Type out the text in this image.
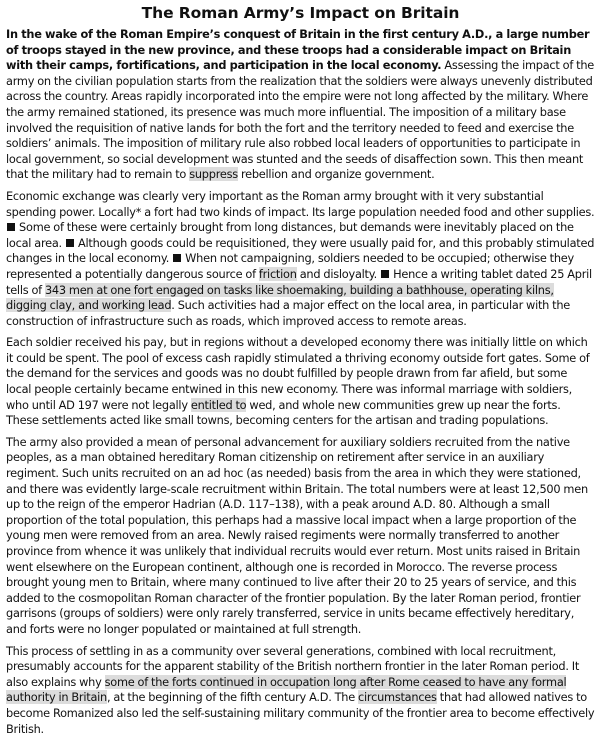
The Roman Army’s Impact on Britain

In the wake of the Roman Empire’s conquest of Britain in the first century A.D., a large number of troops stayed in the new province, and these troops had a considerable impact on Britain with their camps, fortifications, and participation in the local economy. Assessing the impact of the army on the civilian population starts from the realization that the soldiers were always unevenly distributed across the country. Areas rapidly incorporated into the empire were not long affected by the military. Where the army remained stationed, its presence was much more influential. The imposition of a military base involved the requisition of native lands for both the fort and the territory needed to feed and exercise the soldiers’ animals. The imposition of military rule also robbed local leaders of opportunities to participate in local government, so social development was stunted and the seeds of disaffection sown. This then meant that the military had to remain to suppress rebellion and organize government.

Economic exchange was clearly very important as the Roman army brought with it very substantial spending power. Locally* a fort had two kinds of impact. Its large population needed food and other supplies.  Some of these were certainly brought from long distances, but demands were inevitably placed on the local area.  Although goods could be requisitioned, they were usually paid for, and this probably stimulated changes in the local economy.  When not campaigning, soldiers needed to be occupied; otherwise they represented a potentially dangerous source of friction and disloyalty.  Hence a writing tablet dated 25 April tells of 343 men at one fort engaged on tasks like shoemaking, building a bathhouse, operating kilns, digging clay, and working lead. Such activities had a major effect on the local area, in particular with the construction of infrastructure such as roads, which improved access to remote areas.

Each soldier received his pay, but in regions without a developed economy there was initially little on which it could be spent. The pool of excess cash rapidly stimulated a thriving economy outside fort gates. Some of the demand for the services and goods was no doubt fulfilled by people drawn from far afield, but some local people certainly became entwined in this new economy. There was informal marriage with soldiers, who until AD 197 were not legally entitled to wed, and whole new communities grew up near the forts. These settlements acted like small towns, becoming centers for the artisan and trading populations.

The army also provided a mean of personal advancement for auxiliary soldiers recruited from the native peoples, as a man obtained hereditary Roman citizenship on retirement after service in an auxiliary regiment. Such units recruited on an ad hoc (as needed) basis from the area in which they were stationed, and there was evidently large-scale recruitment within Britain. The total numbers were at least 12,500 men up to the reign of the emperor Hadrian (A.D. 117–138), with a peak around A.D. 80. Although a small proportion of the total population, this perhaps had a massive local impact when a large proportion of the young men were removed from an area. Newly raised regiments were normally transferred to another province from whence it was unlikely that individual recruits would ever return. Most units raised in Britain went elsewhere on the European continent, although one is recorded in Morocco. The reverse process brought young men to Britain, where many continued to live after their 20 to 25 years of service, and this added to the cosmopolitan Roman character of the frontier population. By the later Roman period, frontier garrisons (groups of soldiers) were only rarely transferred, service in units became effectively hereditary, and forts were no longer populated or maintained at full strength.

This process of settling in as a community over several generations, combined with local recruitment, presumably accounts for the apparent stability of the British northern frontier in the later Roman period. It also explains why some of the forts continued in occupation long after Rome ceased to have any formal authority in Britain, at the beginning of the fifth century A.D. The circumstances that had allowed natives to become Romanized also led the self-sustaining military community of the frontier area to become effectively British.
